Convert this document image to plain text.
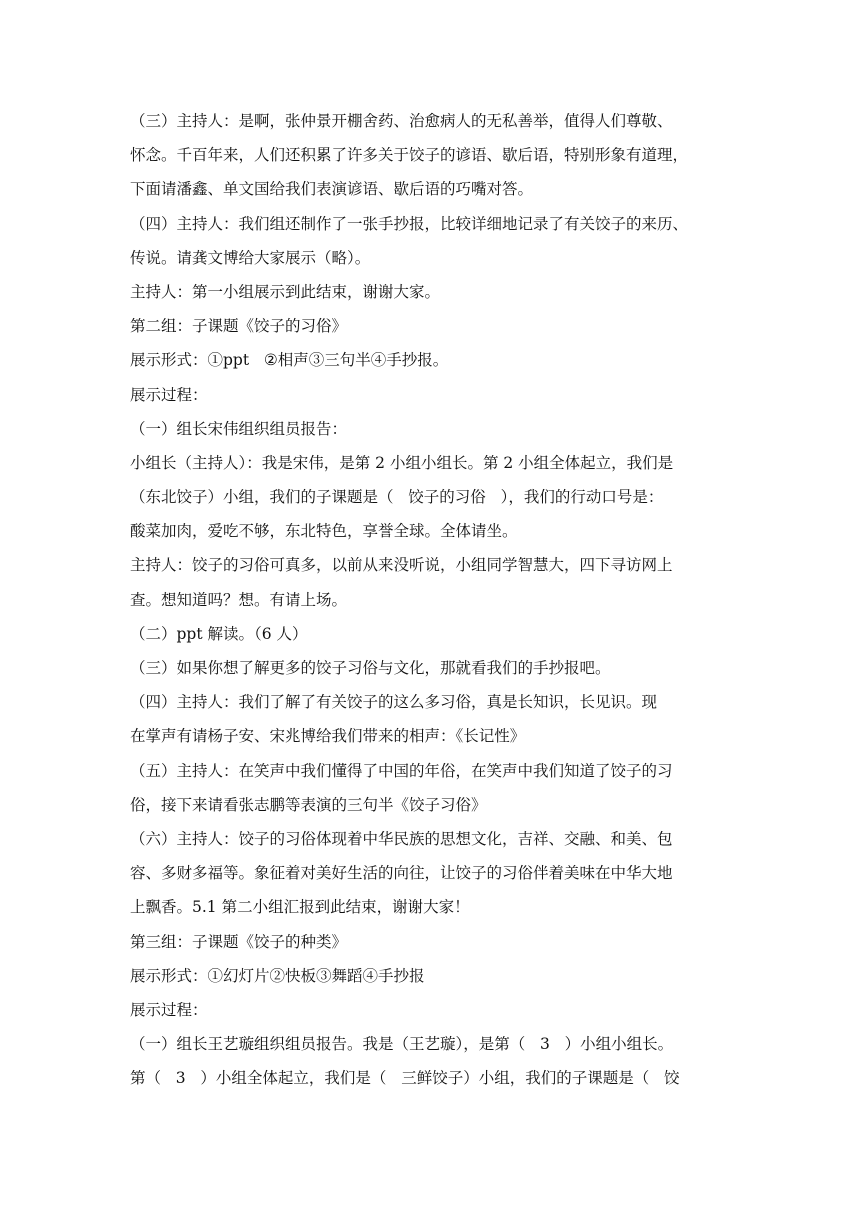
（三）主持人：是啊，张仲景开棚舍药、治愈病人的无私善举，值得人们尊敬、
怀念。千百年来，人们还积累了许多关于饺子的谚语、歇后语，特别形象有道理，
下面请潘鑫、单文国给我们表演谚语、歇后语的巧嘴对答。
（四）主持人：我们组还制作了一张手抄报，比较详细地记录了有关饺子的来历、
传说。请龚文博给大家展示（略）。
主持人：第一小组展示到此结束，谢谢大家。
第二组：子课题《饺子的习俗》
展示形式：①ppt   ②相声③三句半④手抄报。
展示过程：
（一）组长宋伟组织组员报告：
小组长（主持人）：我是宋伟，是第 2 小组小组长。第 2 小组全体起立，我们是
（东北饺子）小组，我们的子课题是（   饺子的习俗   ），我们的行动口号是：
酸菜加肉，爱吃不够，东北特色，享誉全球。全体请坐。
主持人：饺子的习俗可真多，以前从来没听说，小组同学智慧大，四下寻访网上
查。想知道吗？想。有请上场。
（二）ppt 解读。（6 人）
（三）如果你想了解更多的饺子习俗与文化，那就看我们的手抄报吧。
（四）主持人：我们了解了有关饺子的这么多习俗，真是长知识，长见识。现
在掌声有请杨子安、宋兆博给我们带来的相声：《长记性》
（五）主持人：在笑声中我们懂得了中国的年俗，在笑声中我们知道了饺子的习
俗，接下来请看张志鹏等表演的三句半《饺子习俗》
（六）主持人：饺子的习俗体现着中华民族的思想文化，吉祥、交融、和美、包
容、多财多福等。象征着对美好生活的向往，让饺子的习俗伴着美味在中华大地
上飘香。5.1 第二小组汇报到此结束，谢谢大家！
第三组：子课题《饺子的种类》
展示形式：①幻灯片②快板③舞蹈④手抄报
展示过程：
（一）组长王艺璇组织组员报告。我是（王艺璇），是第（   3   ）小组小组长。
第（   3   ）小组全体起立，我们是（   三鲜饺子）小组，我们的子课题是（   饺
